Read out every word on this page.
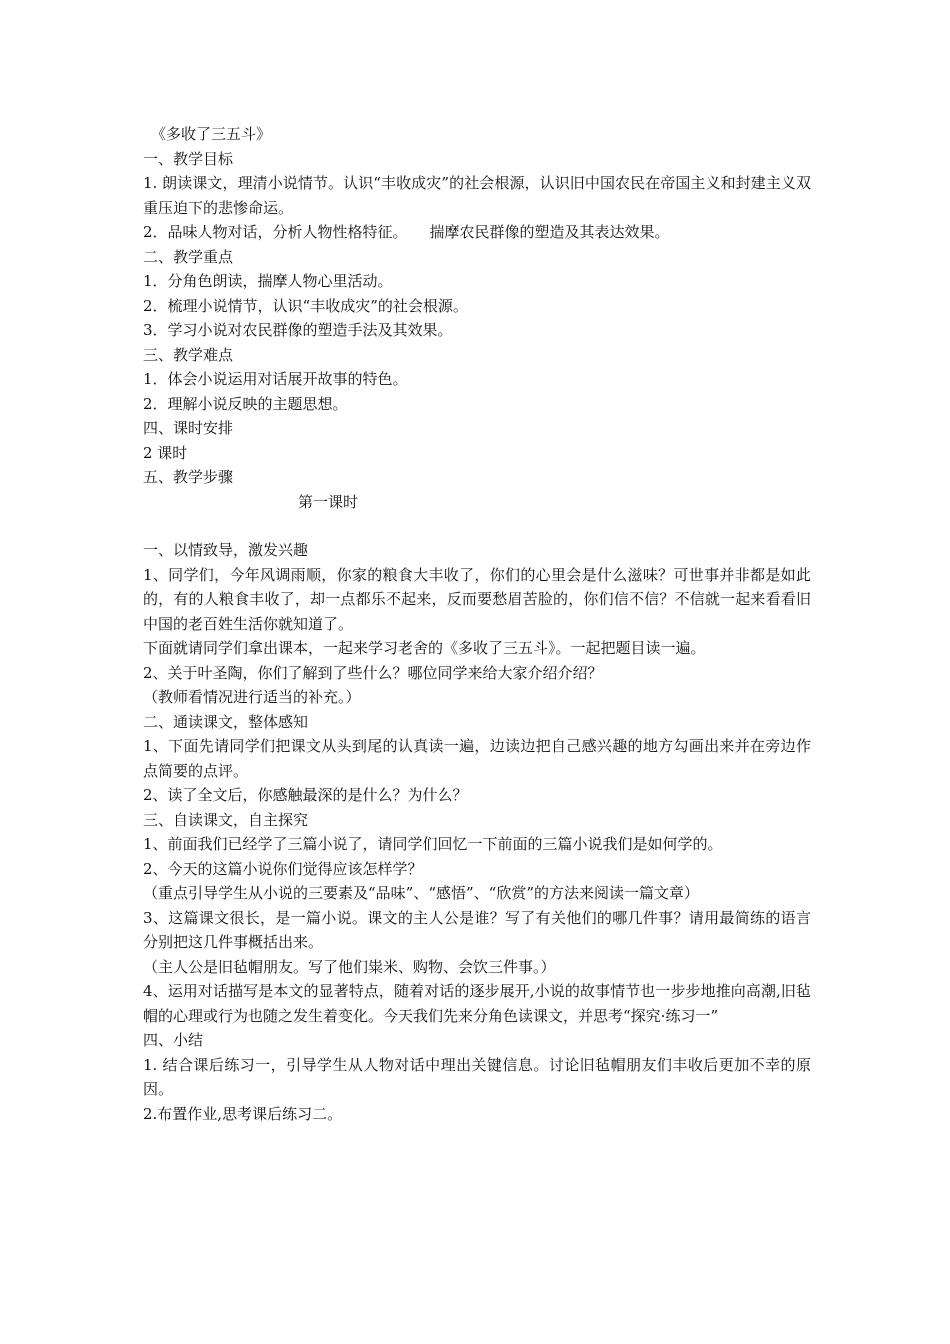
《多收了三五斗》

一、教学目标

1. 朗读课文，理清小说情节。认识“丰收成灾”的社会根源，认识旧中国农民在帝国主义和封建主义双重压迫下的悲惨命运。

2．品味人物对话，分析人物性格特征。 揣摩农民群像的塑造及其表达效果。

二、教学重点

1．分角色朗读，揣摩人物心里活动。

2．梳理小说情节，认识“丰收成灾”的社会根源。

3．学习小说对农民群像的塑造手法及其效果。

三、教学难点

1．体会小说运用对话展开故事的特色。

2．理解小说反映的主题思想。

四、课时安排

2 课时

五、教学步骤

第一课时

一、以情致导，激发兴趣

1、同学们，今年风调雨顺，你家的粮食大丰收了，你们的心里会是什么滋味？可世事并非都是如此的，有的人粮食丰收了，却一点都乐不起来，反而要愁眉苦脸的，你们信不信？不信就一起来看看旧中国的老百姓生活你就知道了。

下面就请同学们拿出课本，一起来学习老舍的《多收了三五斗》。一起把题目读一遍。

2、关于叶圣陶，你们了解到了些什么？哪位同学来给大家介绍介绍？

（教师看情况进行适当的补充。）

二、通读课文，整体感知

1、下面先请同学们把课文从头到尾的认真读一遍，边读边把自己感兴趣的地方勾画出来并在旁边作点简要的点评。

2、读了全文后，你感触最深的是什么？为什么？

三、自读课文，自主探究

1、前面我们已经学了三篇小说了，请同学们回忆一下前面的三篇小说我们是如何学的。

2、今天的这篇小说你们觉得应该怎样学？

（重点引导学生从小说的三要素及“品味”、“感悟”、“欣赏”的方法来阅读一篇文章）

3、这篇课文很长，是一篇小说。课文的主人公是谁？写了有关他们的哪几件事？请用最简练的语言分别把这几件事概括出来。

（主人公是旧毡帽朋友。写了他们粜米、购物、会饮三件事。）

4、运用对话描写是本文的显著特点，随着对话的逐步展开,小说的故事情节也一步步地推向高潮,旧毡帽的心理或行为也随之发生着变化。今天我们先来分角色读课文，并思考“探究·练习一”

四、小结

1. 结合课后练习一，引导学生从人物对话中理出关键信息。讨论旧毡帽朋友们丰收后更加不幸的原因。

2.布置作业,思考课后练习二。
